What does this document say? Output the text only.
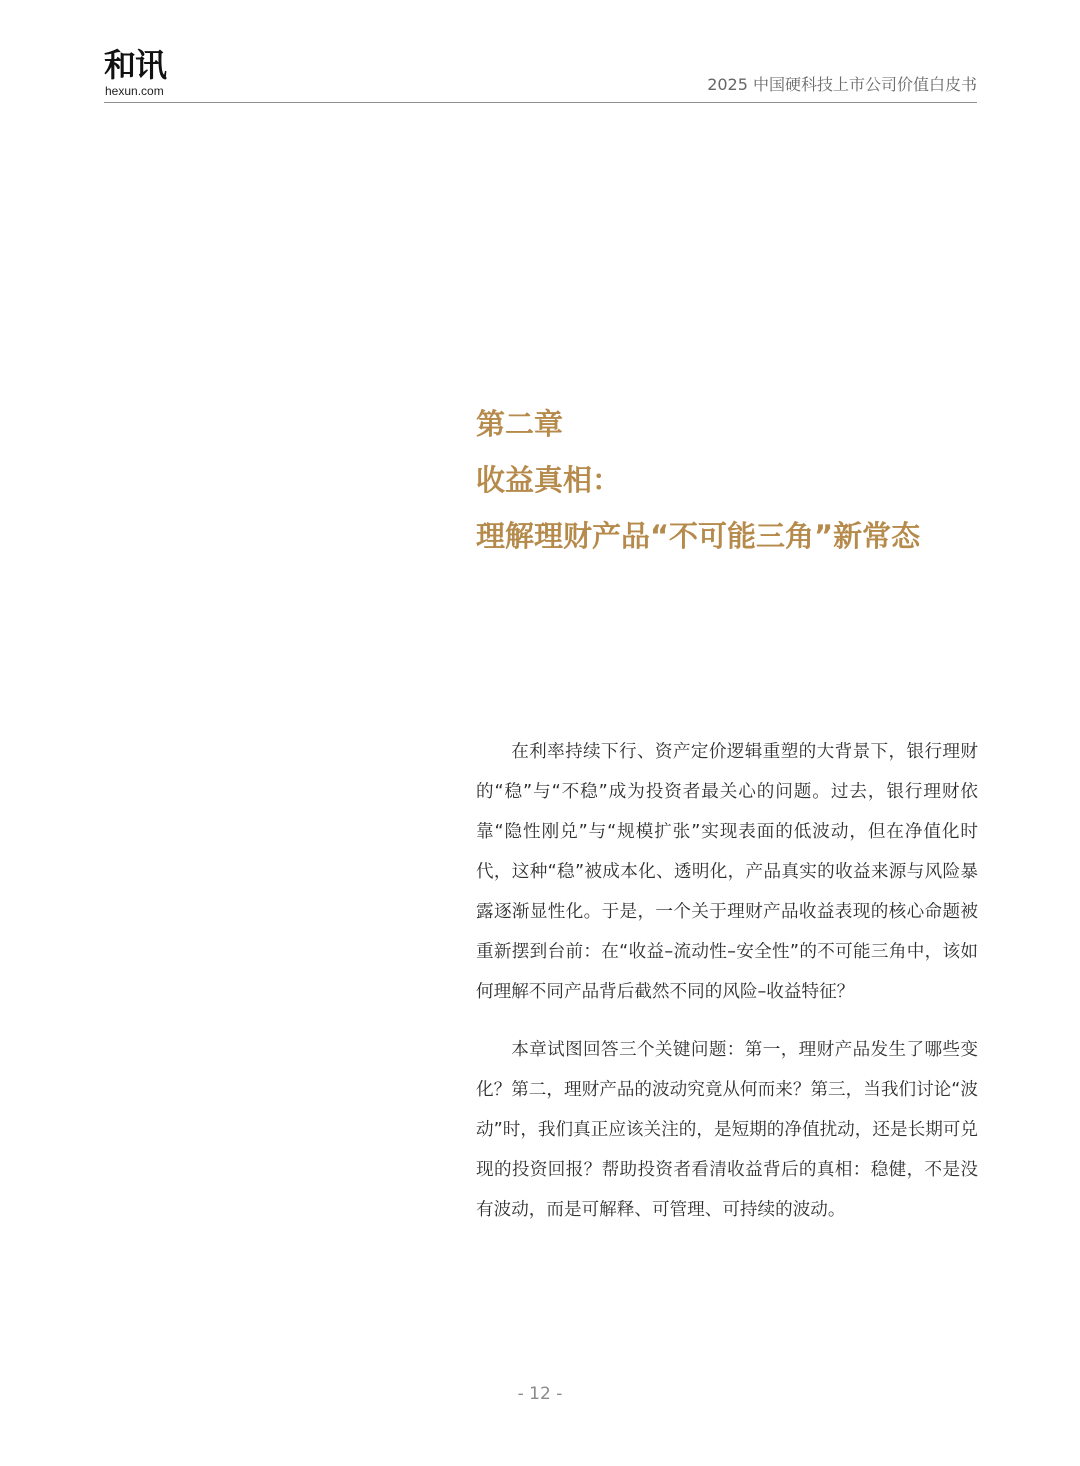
和讯
hexun.com	2025 中国硬科技上市公司价值白皮书
第二章
收益真相：
理解理财产品“不可能三角”新常态

在利率持续下行、资产定价逻辑重塑的大背景下，银行理财的“稳”与“不稳”成为投资者最关心的问题。过去，银行理财依靠“隐性刚兑”与“规模扩张”实现表面的低波动，但在净值化时代，这种“稳”被成本化、透明化，产品真实的收益来源与风险暴露逐渐显性化。于是，一个关于理财产品收益表现的核心命题被重新摆到台前：在“收益–流动性–安全性”的不可能三角中，该如何理解不同产品背后截然不同的风险–收益特征？

本章试图回答三个关键问题：第一，理财产品发生了哪些变化？第二，理财产品的波动究竟从何而来？第三，当我们讨论“波动”时，我们真正应该关注的，是短期的净值扰动，还是长期可兑现的投资回报？帮助投资者看清收益背后的真相：稳健，不是没有波动，而是可解释、可管理、可持续的波动。

- 12 -
